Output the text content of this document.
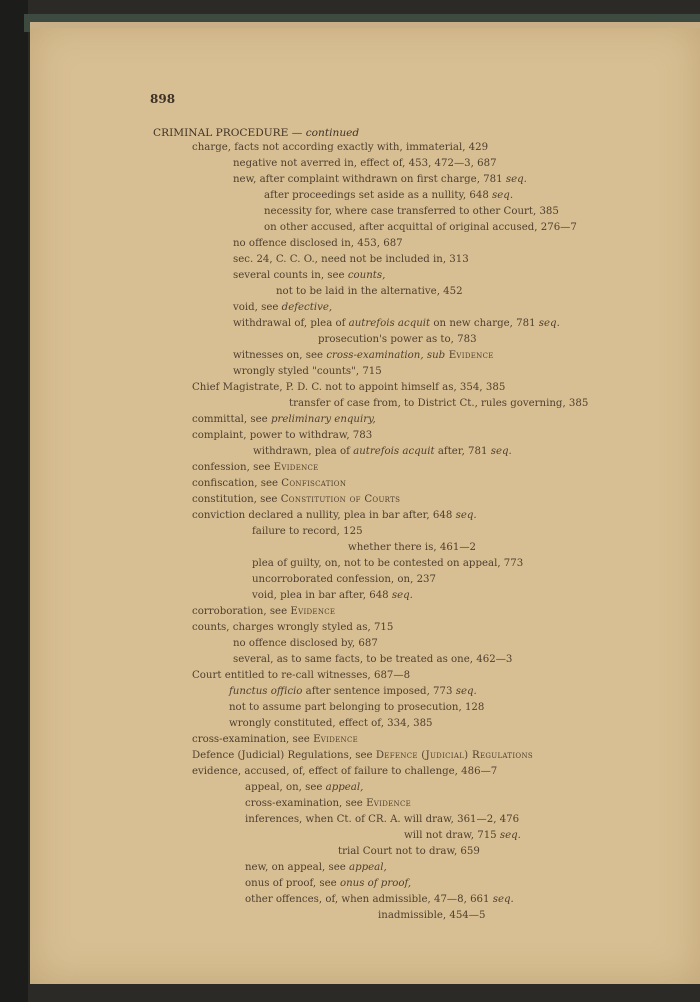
898
CRIMINAL PROCEDURE — continued
charge, facts not according exactly with, immaterial, 429
negative not averred in, effect of, 453, 472—3, 687
new, after complaint withdrawn on first charge, 781 seq.
after proceedings set aside as a nullity, 648 seq.
necessity for, where case transferred to other Court, 385
on other accused, after acquittal of original accused, 276—7
no offence disclosed in, 453, 687
sec. 24, C. C. O., need not be included in, 313
several counts in, see counts,
not to be laid in the alternative, 452
void, see defective,
withdrawal of, plea of autrefois acquit on new charge, 781 seq.
prosecution's power as to, 783
witnesses on, see cross-examination, sub Evidence
wrongly styled "counts", 715
Chief Magistrate, P. D. C. not to appoint himself as, 354, 385
transfer of case from, to District Ct., rules governing, 385
committal, see preliminary enquiry,
complaint, power to withdraw, 783
withdrawn, plea of autrefois acquit after, 781 seq.
confession, see Evidence
confiscation, see Confiscation
constitution, see Constitution of Courts
conviction declared a nullity, plea in bar after, 648 seq.
failure to record, 125
whether there is, 461—2
plea of guilty, on, not to be contested on appeal, 773
uncorroborated confession, on, 237
void, plea in bar after, 648 seq.
corroboration, see Evidence
counts, charges wrongly styled as, 715
no offence disclosed by, 687
several, as to same facts, to be treated as one, 462—3
Court entitled to re-call witnesses, 687—8
functus officio after sentence imposed, 773 seq.
not to assume part belonging to prosecution, 128
wrongly constituted, effect of, 334, 385
cross-examination, see Evidence
Defence (Judicial) Regulations, see Defence (Judicial) Regulations
evidence, accused, of, effect of failure to challenge, 486—7
appeal, on, see appeal,
cross-examination, see Evidence
inferences, when Ct. of CR. A. will draw, 361—2, 476
will not draw, 715 seq.
trial Court not to draw, 659
new, on appeal, see appeal,
onus of proof, see onus of proof,
other offences, of, when admissible, 47—8, 661 seq.
inadmissible, 454—5
